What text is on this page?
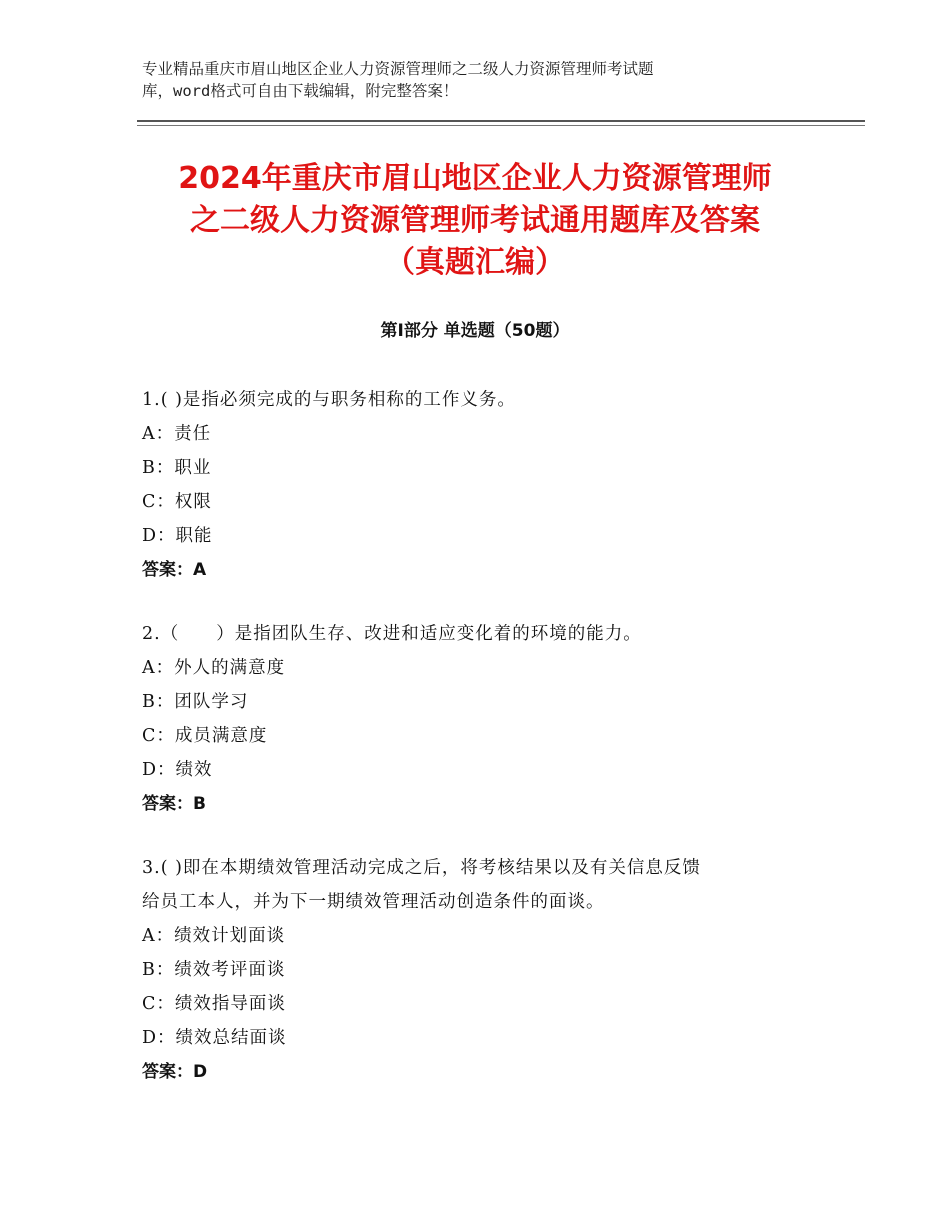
专业精品重庆市眉山地区企业人力资源管理师之二级人力资源管理师考试题
库，word格式可自由下载编辑，附完整答案！
2024年重庆市眉山地区企业人力资源管理师
之二级人力资源管理师考试通用题库及答案
（真题汇编）
第Ⅰ部分 单选题（50题）
1.( )是指必须完成的与职务相称的工作义务。
A：责任
B：职业
C：权限
D：职能
答案：A
2.（　　）是指团队生存、改进和适应变化着的环境的能力。
A：外人的满意度
B：团队学习
C：成员满意度
D：绩效
答案：B
3.( )即在本期绩效管理活动完成之后，将考核结果以及有关信息反馈
给员工本人，并为下一期绩效管理活动创造条件的面谈。
A：绩效计划面谈
B：绩效考评面谈
C：绩效指导面谈
D：绩效总结面谈
答案：D
